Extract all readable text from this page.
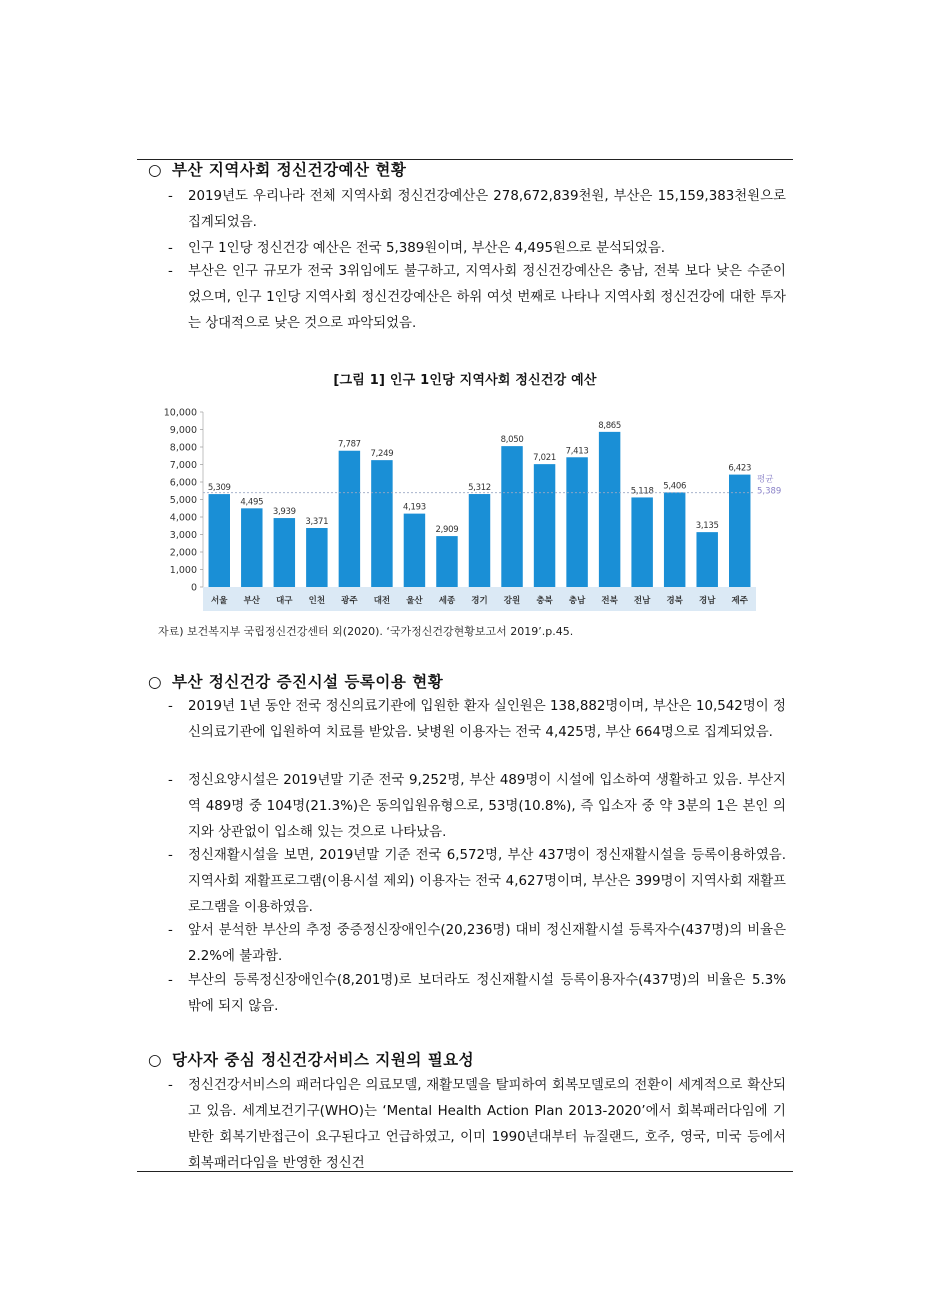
○ 부산 지역사회 정신건강예산 현황
- 2019년도 우리나라 전체 지역사회 정신건강예산은 278,672,839천원, 부산은 15,159,383천원으로 집계되었음.
- 인구 1인당 정신건강 예산은 전국 5,389원이며, 부산은 4,495원으로 분석되었음.
- 부산은 인구 규모가 전국 3위임에도 불구하고, 지역사회 정신건강예산은 충남, 전북 보다 낮은 수준이었으며, 인구 1인당 지역사회 정신건강예산은 하위 여섯 번째로 나타나 지역사회 정신건강에 대한 투자는 상대적으로 낮은 것으로 파악되었음.
[그림 1] 인구 1인당 지역사회 정신건강 예산
0
1,000
2,000
3,000
4,000
5,000
6,000
7,000
8,000
9,000
10,000
5,309
서울
4,495
부산
3,939
대구
3,371
인천
7,787
광주
7,249
대전
4,193
울산
2,909
세종
5,312
경기
8,050
강원
7,021
충북
7,413
충남
8,865
전북
5,118
전남
5,406
경북
3,135
경남
6,423
제주
평균
5,389
자료) 보건복지부 국립정신건강센터 외(2020). ‘국가정신건강현황보고서 2019’.p.45.
○ 부산 정신건강 증진시설 등록이용 현황
- 2019년 1년 동안 전국 정신의료기관에 입원한 환자 실인원은 138,882명이며, 부산은 10,542명이 정신의료기관에 입원하여 치료를 받았음. 낮병원 이용자는 전국 4,425명, 부산 664명으로 집계되었음.
- 정신요양시설은 2019년말 기준 전국 9,252명, 부산 489명이 시설에 입소하여 생활하고 있음. 부산지역 489명 중 104명(21.3%)은 동의입원유형으로, 53명(10.8%), 즉 입소자 중 약 3분의 1은 본인 의지와 상관없이 입소해 있는 것으로 나타났음.
- 정신재활시설을 보면, 2019년말 기준 전국 6,572명, 부산 437명이 정신재활시설을 등록이용하였음. 지역사회 재활프로그램(이용시설 제외) 이용자는 전국 4,627명이며, 부산은 399명이 지역사회 재활프로그램을 이용하였음.
- 앞서 분석한 부산의 추정 중증정신장애인수(20,236명) 대비 정신재활시설 등록자수(437명)의 비율은 2.2%에 불과함.
- 부산의 등록정신장애인수(8,201명)로 보더라도 정신재활시설 등록이용자수(437명)의 비율은 5.3% 밖에 되지 않음.
○ 당사자 중심 정신건강서비스 지원의 필요성
- 정신건강서비스의 패러다임은 의료모델, 재활모델을 탈피하여 회복모델로의 전환이 세계적으로 확산되고 있음. 세계보건기구(WHO)는 ‘Mental Health Action Plan 2013-2020’에서 회복패러다임에 기반한 회복기반접근이 요구된다고 언급하였고, 이미 1990년대부터 뉴질랜드, 호주, 영국, 미국 등에서 회복패러다임을 반영한 정신건
